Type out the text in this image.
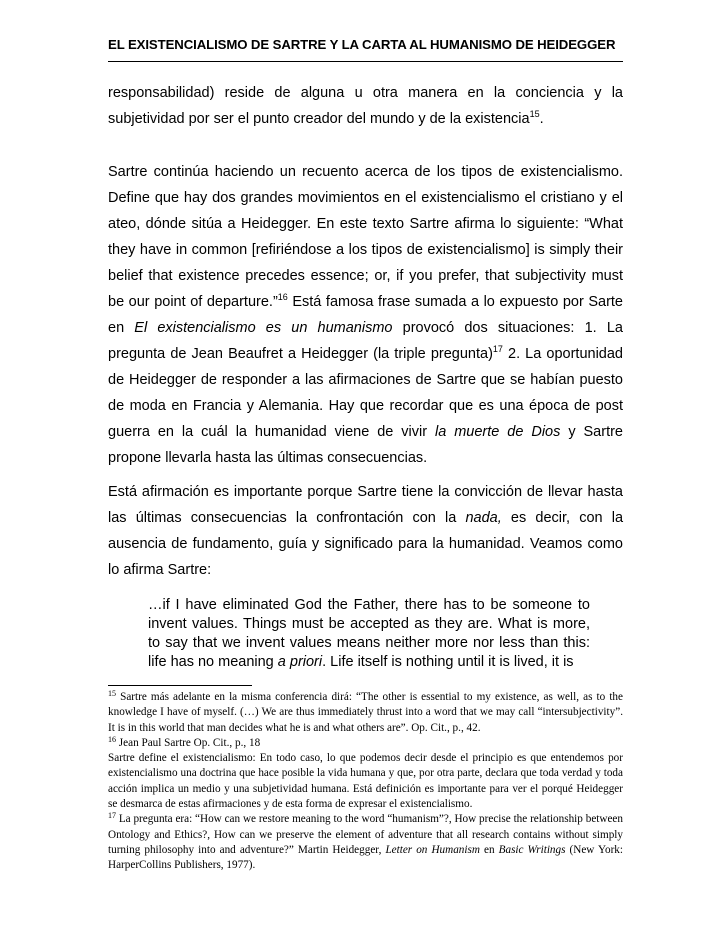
EL EXISTENCIALISMO DE SARTRE Y LA CARTA AL HUMANISMO DE HEIDEGGER

responsabilidad) reside de alguna u otra manera en la conciencia y la subjetividad por ser el punto creador del mundo y de la existencia$^{15}$.

Sartre continúa haciendo un recuento acerca de los tipos de existencialismo. Define que hay dos grandes movimientos en el existencialismo el cristiano y el ateo, dónde sitúa a Heidegger. En este texto Sartre afirma lo siguiente: “What they have in common [refiriéndose a los tipos de existencialismo] is simply their belief that existence precedes essence; or, if you prefer, that subjectivity must be our point of departure.”$^{16}$ Está famosa frase sumada a lo expuesto por Sarte en El existencialismo es un humanismo provocó dos situaciones: 1. La pregunta de Jean Beaufret a Heidegger (la triple pregunta)$^{17}$ 2. La oportunidad de Heidegger de responder a las afirmaciones de Sartre que se habían puesto de moda en Francia y Alemania. Hay que recordar que es una época de post guerra en la cuál la humanidad viene de vivir la muerte de Dios y Sartre propone llevarla hasta las últimas consecuencias.

Está afirmación es importante porque Sartre tiene la convicción de llevar hasta las últimas consecuencias la confrontación con la nada, es decir, con la ausencia de fundamento, guía y significado para la humanidad. Veamos como lo afirma Sartre:

…if I have eliminated God the Father, there has to be someone to invent values. Things must be accepted as they are. What is more, to say that we invent values means neither more nor less than this: life has no meaning a priori. Life itself is nothing until it is lived, it is

$^{15}$ Sartre más adelante en la misma conferencia dirá: “The other is essential to my existence, as well, as to the knowledge I have of myself. (…) We are thus immediately thrust into a word that we may call “intersubjectivity”. It is in this world that man decides what he is and what others are”. Op. Cit., p., 42.

$^{16}$ Jean Paul Sartre Op. Cit., p., 18

Sartre define el existencialismo: En todo caso, lo que podemos decir desde el principio es que entendemos por existencialismo una doctrina que hace posible la vida humana y que, por otra parte, declara que toda verdad y toda acción implica un medio y una subjetividad humana. Está definición es importante para ver el porqué Heidegger se desmarca de estas afirmaciones y de esta forma de expresar el existencialismo.

$^{17}$ La pregunta era: “How can we restore meaning to the word “humanism”?, How precise the relationship between Ontology and Ethics?, How can we preserve the element of adventure that all research contains without simply turning philosophy into and adventure?” Martin Heidegger, Letter on Humanism en Basic Writings (New York: HarperCollins Publishers, 1977).
